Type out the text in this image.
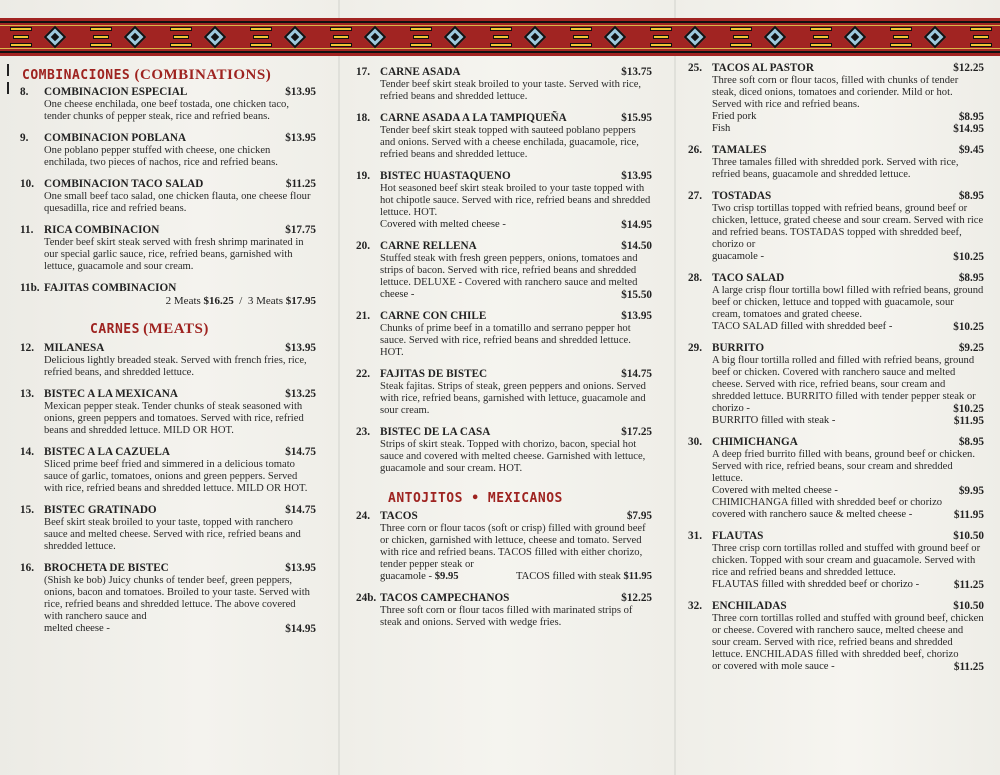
COMBINACIONES (COMBINATIONS)
8.	COMBINACION ESPECIAL	$13.95
One cheese enchilada, one beef tostada, one chicken taco, tender chunks of pepper steak, rice and refried beans.
9.	COMBINACION POBLANA	$13.95
One poblano pepper stuffed with cheese, one chicken enchilada, two pieces of nachos, rice and refried beans.
10. COMBINACION TACO SALAD	$11.25
One small beef taco salad, one chicken flauta, one cheese flour quesadilla, rice and refried beans.
11. RICA COMBINACION	$17.75
Tender beef skirt steak served with fresh shrimp marinated in our special garlic sauce, rice, refried beans, garnished with lettuce, guacamole and sour cream.
11b. FAJITAS COMBINACION
2 Meats $16.25 / 3 Meats $17.95
CARNES (MEATS)
12. MILANESA	$13.95
Delicious lightly breaded steak. Served with french fries, rice, refried beans, and shredded lettuce.
13. BISTEC A LA MEXICANA	$13.25
Mexican pepper steak. Tender chunks of steak seasoned with onions, green peppers and tomatoes. Served with rice, refried beans and shredded lettuce. MILD OR HOT.
14. BISTEC A LA CAZUELA	$14.75
Sliced prime beef fried and simmered in a delicious tomato sauce of garlic, tomatoes, onions and green peppers. Served with rice, refried beans and shredded lettuce. MILD OR HOT.
15. BISTEC GRATINADO	$14.75
Beef skirt steak broiled to your taste, topped with ranchero sauce and melted cheese. Served with rice, refried beans and shredded lettuce.
16. BROCHETA DE BISTEC	$13.95
(Shish ke bob) Juicy chunks of tender beef, green peppers, onions, bacon and tomatoes. Broiled to your taste. Served with rice, refried beans and shredded lettuce. The above covered with ranchero sauce and
melted cheese -	$14.95
17. CARNE ASADA	$13.75
Tender beef skirt steak broiled to your taste. Served with rice, refried beans and shredded lettuce.
18. CARNE ASADA A LA TAMPIQUEÑA	$15.95
Tender beef skirt steak topped with sauteed poblano peppers and onions. Served with a cheese enchilada, guacamole, rice, refried beans and shredded lettuce.
19. BISTEC HUASTAQUENO	$13.95
Hot seasoned beef skirt steak broiled to your taste topped with hot chipotle sauce. Served with rice, refried beans and shredded lettuce. HOT.
Covered with melted cheese -	$14.95
20. CARNE RELLENA	$14.50
Stuffed steak with fresh green peppers, onions, tomatoes and strips of bacon. Served with rice, refried beans and shredded lettuce. DELUXE - Covered with ranchero sauce and melted
cheese -	$15.50
21. CARNE CON CHILE	$13.95
Chunks of prime beef in a tomatillo and serrano pepper hot sauce. Served with rice, refried beans and shredded lettuce. HOT.
22. FAJITAS DE BISTEC	$14.75
Steak fajitas. Strips of steak, green peppers and onions. Served with rice, refried beans, garnished with lettuce, guacamole and sour cream.
23. BISTEC DE LA CASA	$17.25
Strips of skirt steak. Topped with chorizo, bacon, special hot sauce and covered with melted cheese. Garnished with lettuce, guacamole and sour cream. HOT.
ANTOJITOS • MEXICANOS
24. TACOS	$7.95
Three corn or flour tacos (soft or crisp) filled with ground beef or chicken, garnished with lettuce, cheese and tomato. Served with rice and refried beans. TACOS filled with either chorizo, tender pepper steak or
guacamole - $9.95	TACOS filled with steak $11.95
24b. TACOS CAMPECHANOS	$12.25
Three soft corn or flour tacos filled with marinated strips of steak and onions. Served with wedge fries.
25. TACOS AL PASTOR	$12.25
Three soft corn or flour tacos, filled with chunks of tender steak, diced onions, tomatoes and coriender. Mild or hot. Served with rice and refried beans.
Fried pork	$8.95
Fish	$14.95
26. TAMALES	$9.45
Three tamales filled with shredded pork. Served with rice, refried beans, guacamole and shredded lettuce.
27. TOSTADAS	$8.95
Two crisp tortillas topped with refried beans, ground beef or chicken, lettuce, grated cheese and sour cream. Served with rice and refried beans. TOSTADAS topped with shredded beef, chorizo or
guacamole -	$10.25
28. TACO SALAD	$8.95
A large crisp flour tortilla bowl filled with refried beans, ground beef or chicken, lettuce and topped with guacamole, sour cream, tomatoes and grated cheese.
TACO SALAD filled with shredded beef -	$10.25
29. BURRITO	$9.25
A big flour tortilla rolled and filled with refried beans, ground beef or chicken. Covered with ranchero sauce and melted cheese. Served with rice, refried beans, sour cream and shredded lettuce. BURRITO filled with tender pepper steak or
chorizo -	$10.25
BURRITO filled with steak -	$11.95
30. CHIMICHANGA	$8.95
A deep fried burrito filled with beans, ground beef or chicken. Served with rice, refried beans, sour cream and shredded lettuce.
Covered with melted cheese -	$9.95
CHIMICHANGA filled with shredded beef or chorizo
covered with ranchero sauce & melted cheese -	$11.95
31. FLAUTAS	$10.50
Three crisp corn tortillas rolled and stuffed with ground beef or chicken. Topped with sour cream and guacamole. Served with rice and refried beans and shredded lettuce.
FLAUTAS filled with shredded beef or chorizo -	$11.25
32. ENCHILADAS	$10.50
Three corn tortillas rolled and stuffed with ground beef, chicken or cheese. Covered with ranchero sauce, melted cheese and sour cream. Served with rice, refried beans and shredded lettuce. ENCHILADAS filled with shredded beef, chorizo
or covered with mole sauce -	$11.25
